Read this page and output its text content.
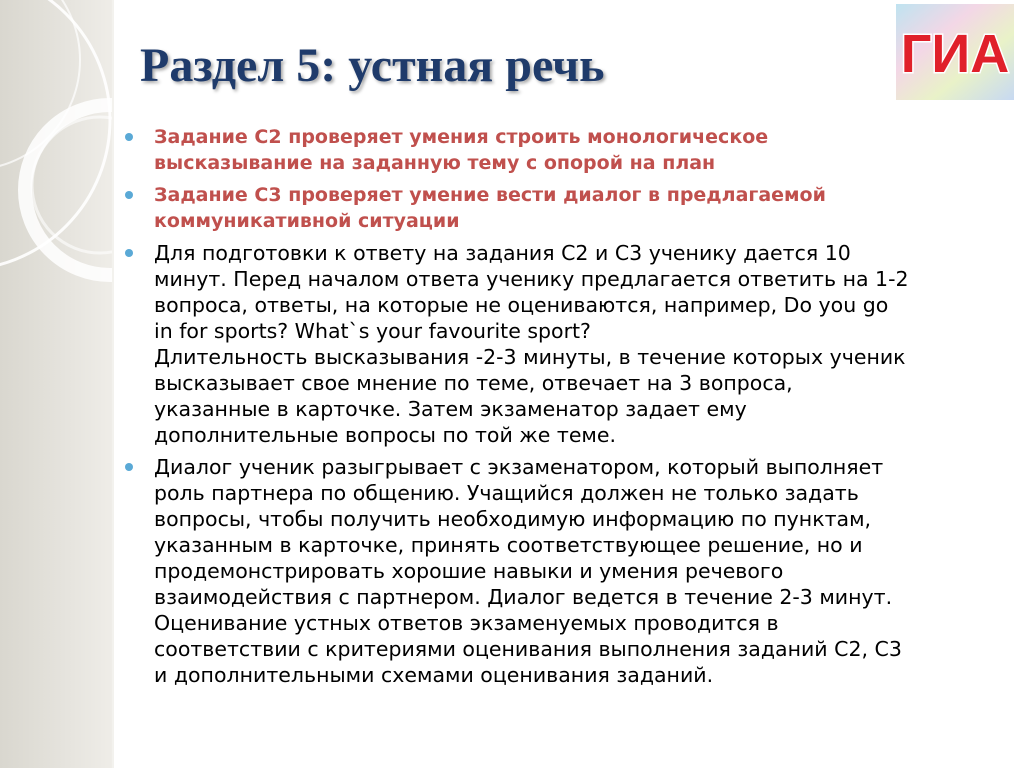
Раздел 5: устная речь	ГИА
Задание С2 проверяет умения строить монологическое
высказывание на заданную тему с опорой на план
Задание С3 проверяет умение вести диалог в предлагаемой
коммуникативной ситуации
Для подготовки к ответу на задания С2 и С3 ученику дается 10
минут. Перед началом ответа ученику предлагается ответить на 1-2
вопроса, ответы, на которые не оцениваются, например, Do you go
in for sports? What`s your favourite sport?
Длительность высказывания -2-3 минуты, в течение которых ученик
высказывает свое мнение по теме, отвечает на 3 вопроса,
указанные в карточке. Затем экзаменатор задает ему
дополнительные вопросы по той же теме.
Диалог ученик разыгрывает с экзаменатором, который выполняет
роль партнера по общению. Учащийся должен не только задать
вопросы, чтобы получить необходимую информацию по пунктам,
указанным в карточке, принять соответствующее решение, но и
продемонстрировать хорошие навыки и умения речевого
взаимодействия с партнером. Диалог ведется в течение 2-3 минут.
Оценивание устных ответов экзаменуемых проводится в
соответствии с критериями оценивания выполнения заданий С2, С3
и дополнительными схемами оценивания заданий.
